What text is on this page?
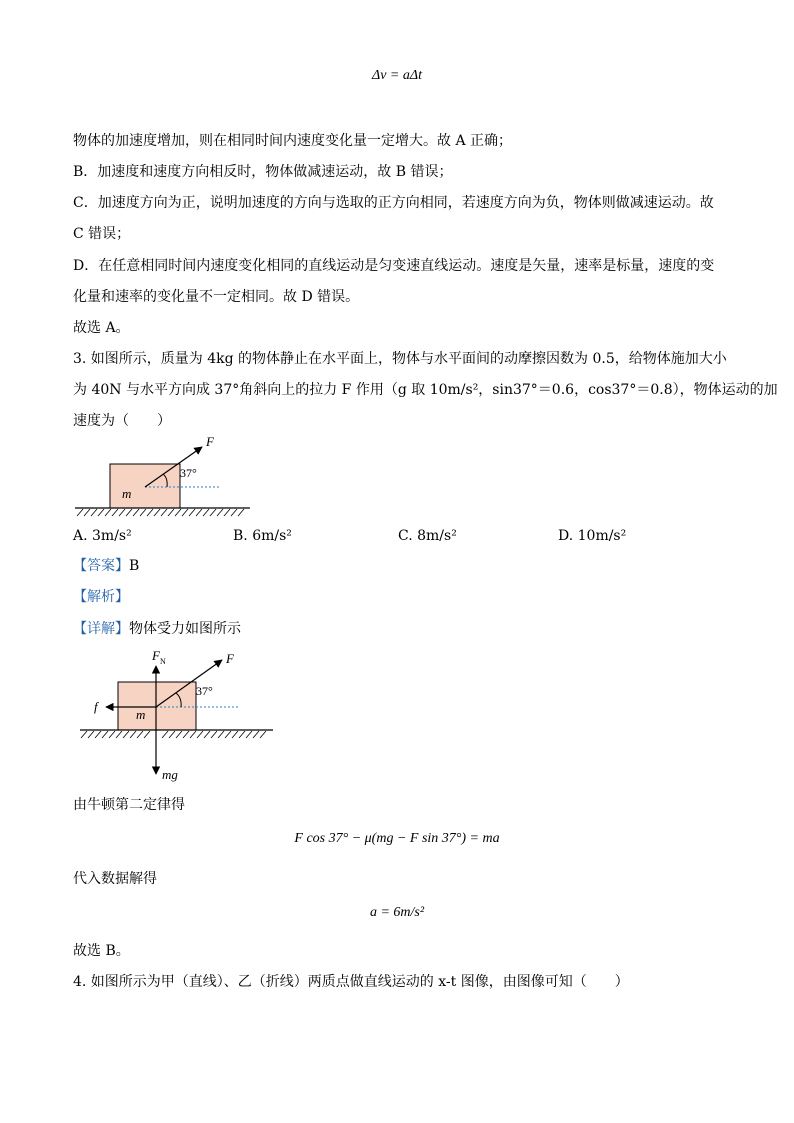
Δv = aΔt
物体的加速度增加，则在相同时间内速度变化量一定增大。故 A 正确；
B．加速度和速度方向相反时，物体做减速运动，故 B 错误；
C．加速度方向为正，说明加速度的方向与选取的正方向相同，若速度方向为负，物体则做减速运动。故
C 错误；
D．在任意相同时间内速度变化相同的直线运动是匀变速直线运动。速度是矢量，速率是标量，速度的变
化量和速率的变化量不一定相同。故 D 错误。
故选 A。
3. 如图所示，质量为 4kg 的物体静止在水平面上，物体与水平面间的动摩擦因数为 0.5，给物体施加大小
为 40N 与水平方向成 37°角斜向上的拉力 F 作用（g 取 10m/s²，sin37°＝0.6，cos37°＝0.8），物体运动的加
速度为（　　）
F
37°
m
A. 3m/s²	B. 6m/s²	C. 8m/s²	D. 10m/s²
【答案】B
【解析】
【详解】物体受力如图所示
$F_N$	F
37°
m
f
mg
由牛顿第二定律得
F cos 37° − μ(mg − F sin 37°) = ma
代入数据解得
a = 6m/s²
故选 B。
4. 如图所示为甲（直线）、乙（折线）两质点做直线运动的 x-t 图像，由图像可知（　　）
